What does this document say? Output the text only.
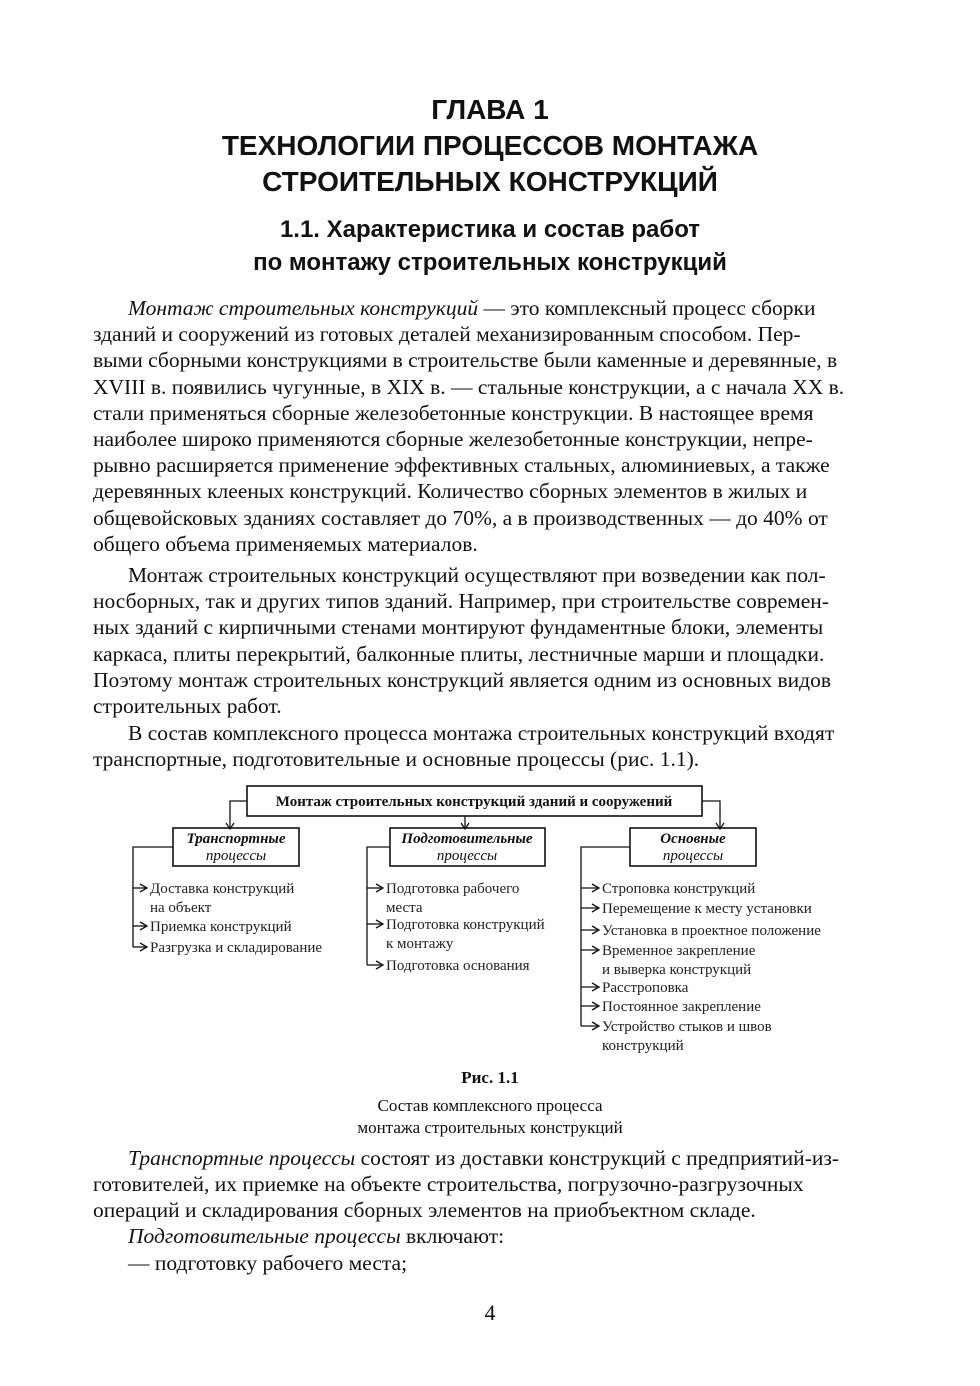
ГЛАВА 1
ТЕХНОЛОГИИ ПРОЦЕССОВ МОНТАЖА
СТРОИТЕЛЬНЫХ КОНСТРУКЦИЙ
1.1. Характеристика и состав работ
по монтажу строительных конструкций
Монтаж строительных конструкций — это комплексный процесс сборки
зданий и сооружений из готовых деталей механизированным способом. Пер-
выми сборными конструкциями в строительстве были каменные и деревянные, в
XVIII в. появились чугунные, в XIX в. — стальные конструкции, а с начала XX в.
стали применяться сборные железобетонные конструкции. В настоящее время
наиболее широко применяются сборные железобетонные конструкции, непре-
рывно расширяется применение эффективных стальных, алюминиевых, а также
деревянных клееных конструкций. Количество сборных элементов в жилых и
общевойсковых зданиях составляет до 70%, а в производственных — до 40% от
общего объема применяемых материалов.
Монтаж строительных конструкций осуществляют при возведении как пол-
носборных, так и других типов зданий. Например, при строительстве современ-
ных зданий с кирпичными стенами монтируют фундаментные блоки, элементы
каркаса, плиты перекрытий, балконные плиты, лестничные марши и площадки.
Поэтому монтаж строительных конструкций является одним из основных видов
строительных работ.
В состав комплексного процесса монтажа строительных конструкций входят
транспортные, подготовительные и основные процессы (рис. 1.1).
Монтаж строительных конструкций зданий и сооружений
Транспортные
процессы
Доставка конструкций
на объект
Приемка конструкций
Разгрузка и складирование
Подготовительные
процессы
Подготовка рабочего
места
Подготовка конструкций
к монтажу
Подготовка основания
Основные
процессы
Строповка конструкций
Перемещение к месту установки
Установка в проектное положение
Временное закрепление
и выверка конструкций
Расстроповка
Постоянное закрепление
Устройство стыков и швов
конструкций
Рис. 1.1
Состав комплексного процесса
монтажа строительных конструкций
Транспортные процессы состоят из доставки конструкций с предприятий-из-
готовителей, их приемке на объекте строительства, погрузочно-разгрузочных
операций и складирования сборных элементов на приобъектном складе.
Подготовительные процессы включают:
— подготовку рабочего места;
4
